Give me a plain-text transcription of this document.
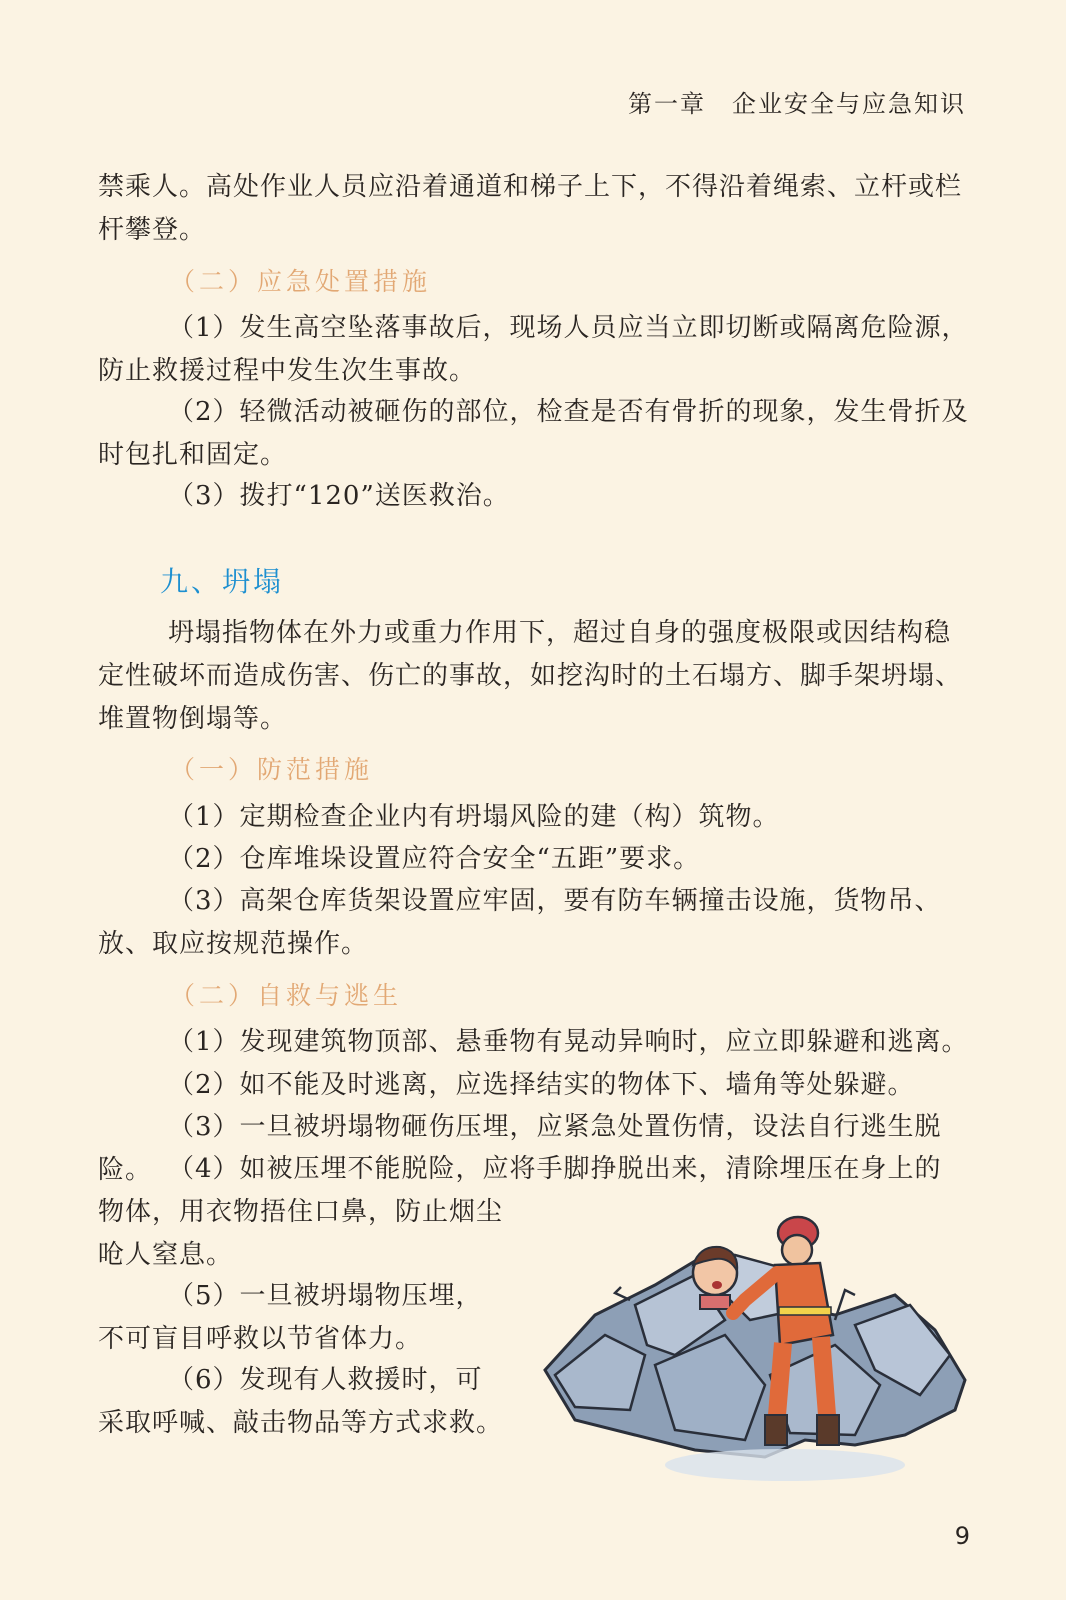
第一章　企业安全与应急知识

禁乘人。高处作业人员应沿着通道和梯子上下，不得沿着绳索、立杆或栏杆攀登。

（二）应急处置措施

（1）发生高空坠落事故后，现场人员应当立即切断或隔离危险源，防止救援过程中发生次生事故。

（2）轻微活动被砸伤的部位，检查是否有骨折的现象，发生骨折及时包扎和固定。

（3）拨打“120”送医救治。

九、坍塌

坍塌指物体在外力或重力作用下，超过自身的强度极限或因结构稳定性破坏而造成伤害、伤亡的事故，如挖沟时的土石塌方、脚手架坍塌、堆置物倒塌等。

（一）防范措施

（1）定期检查企业内有坍塌风险的建（构）筑物。

（2）仓库堆垛设置应符合安全“五距”要求。

（3）高架仓库货架设置应牢固，要有防车辆撞击设施，货物吊、放、取应按规范操作。

（二）自救与逃生

（1）发现建筑物顶部、悬垂物有晃动异响时，应立即躲避和逃离。

（2）如不能及时逃离，应选择结实的物体下、墙角等处躲避。

（3）一旦被坍塌物砸伤压埋，应紧急处置伤情，设法自行逃生脱险。 （4）如被压埋不能脱险，应将手脚挣脱出来，清除埋压在身上的

物体，用衣物捂住口鼻，防止烟尘呛人窒息。

（5）一旦被坍塌物压埋，不可盲目呼救以节省体力。

（6）发现有人救援时，可采取呼喊、敲击物品等方式求救。

9
